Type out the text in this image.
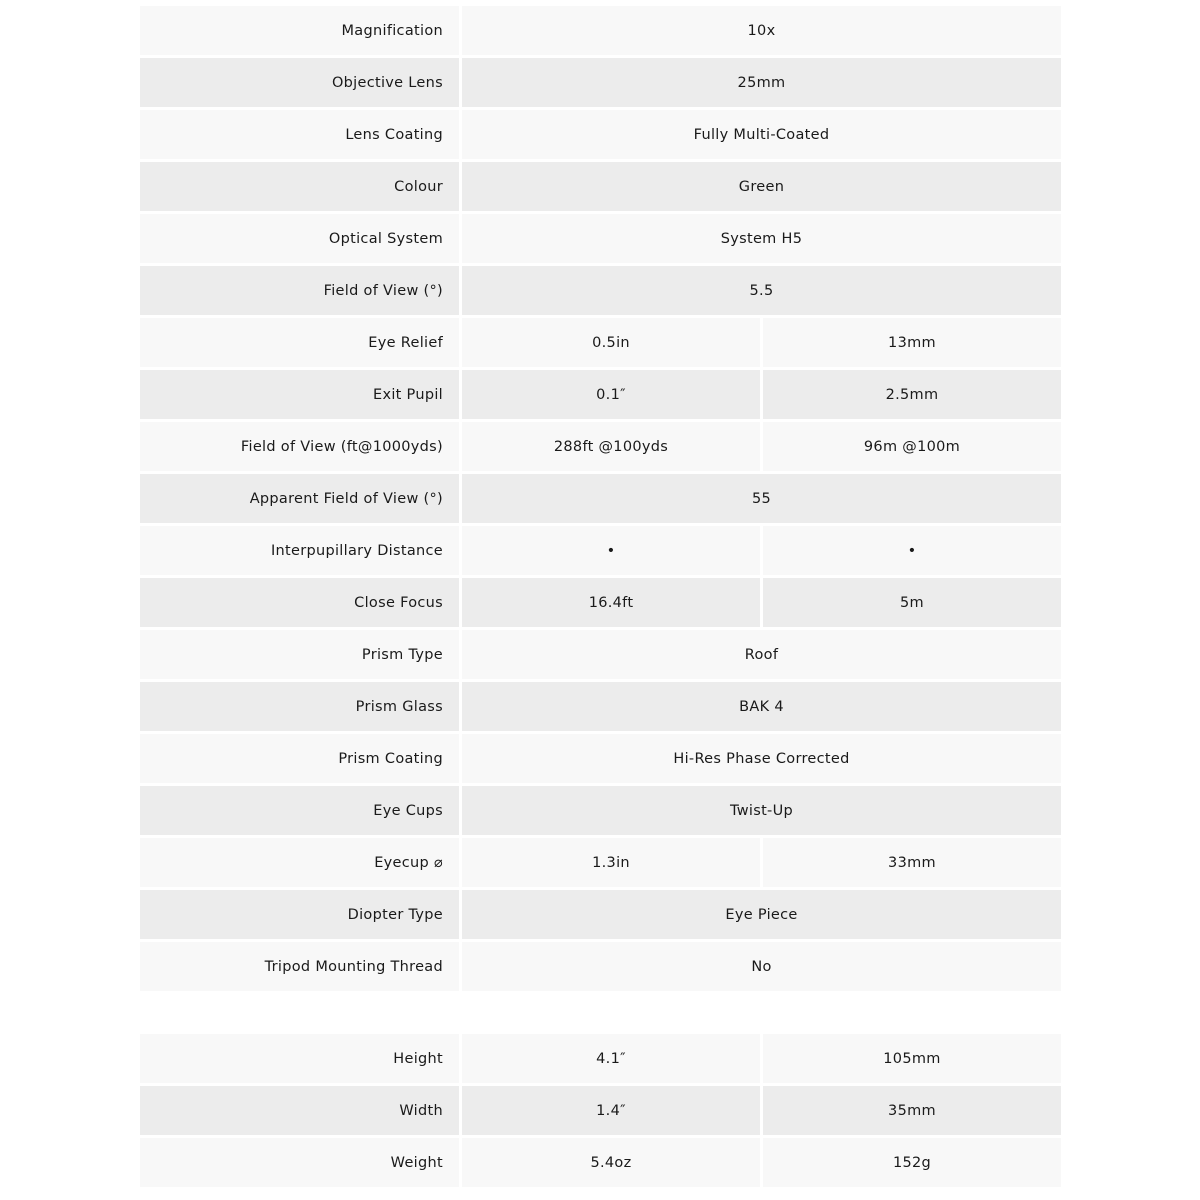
Magnification	10x
Objective Lens	25mm
Lens Coating	Fully Multi-Coated
Colour	Green
Optical System	System H5
Field of View (°)	5.5
Eye Relief	0.5in	13mm
Exit Pupil	0.1″	2.5mm
Field of View (ft@1000yds)	288ft @100yds	96m @100m
Apparent Field of View (°)	55
Interpupillary Distance	•	•
Close Focus	16.4ft	5m
Prism Type	Roof
Prism Glass	BAK 4
Prism Coating	Hi-Res Phase Corrected
Eye Cups	Twist-Up
Eyecup ⌀	1.3in	33mm
Diopter Type	Eye Piece
Tripod Mounting Thread	No
Height	4.1″	105mm
Width	1.4″	35mm
Weight	5.4oz	152g
